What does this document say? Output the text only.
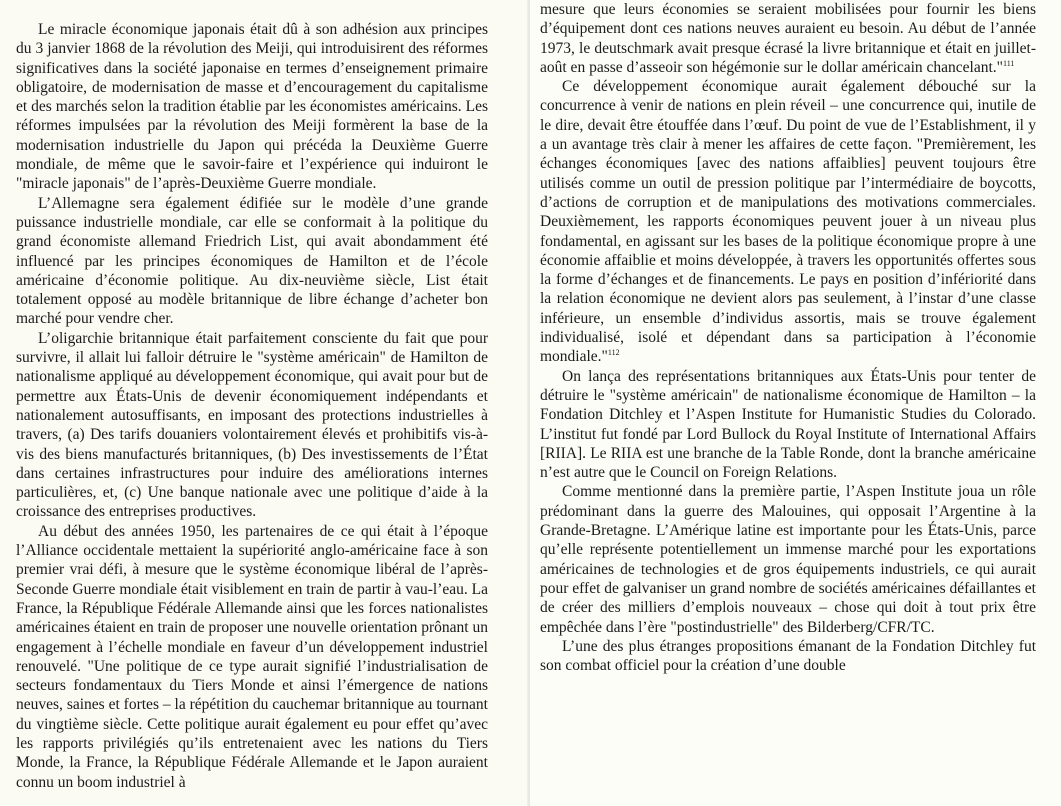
Le miracle économique japonais était dû à son adhésion aux principes du 3 janvier 1868 de la révolution des Meiji, qui introduisirent des réformes significatives dans la société japonaise en termes d’enseignement primaire obligatoire, de modernisation de masse et d’encouragement du capitalisme et des marchés selon la tradition établie par les économistes américains. Les réformes impulsées par la révolution des Meiji formèrent la base de la modernisation industrielle du Japon qui précéda la Deuxième Guerre mondiale, de même que le savoir-faire et l’expérience qui induiront le "miracle japonais" de l’après-Deuxième Guerre mondiale.

L’Allemagne sera également édifiée sur le modèle d’une grande puissance industrielle mondiale, car elle se conformait à la politique du grand économiste allemand Friedrich List, qui avait abondamment été influencé par les principes économiques de Hamilton et de l’école américaine d’économie politique. Au dix-neuvième siècle, List était totalement opposé au modèle britannique de libre échange d’acheter bon marché pour vendre cher.

L’oligarchie britannique était parfaitement consciente du fait que pour survivre, il allait lui falloir détruire le "système américain" de Hamilton de nationalisme appliqué au développement économique, qui avait pour but de permettre aux États-Unis de devenir économiquement indépendants et nationalement autosuffisants, en imposant des protections industrielles à travers, (a) Des tarifs douaniers volontairement élevés et prohibitifs vis-à-vis des biens manufacturés britanniques, (b) Des investissements de l’État dans certaines infrastructures pour induire des améliorations internes particulières, et, (c) Une banque nationale avec une politique d’aide à la croissance des entreprises productives.

Au début des années 1950, les partenaires de ce qui était à l’époque l’Alliance occidentale mettaient la supériorité anglo-américaine face à son premier vrai défi, à mesure que le système économique libéral de l’après-Seconde Guerre mondiale était visiblement en train de partir à vau-l’eau. La France, la République Fédérale Allemande ainsi que les forces nationalistes américaines étaient en train de proposer une nouvelle orientation prônant un engagement à l’échelle mondiale en faveur d’un développement industriel renouvelé. "Une politique de ce type aurait signifié l’industrialisation de secteurs fondamentaux du Tiers Monde et ainsi l’émergence de nations neuves, saines et fortes – la répétition du cauchemar britannique au tournant du vingtième siècle. Cette politique aurait également eu pour effet qu’avec les rapports privilégiés qu’ils entretenaient avec les nations du Tiers Monde, la France, la République Fédérale Allemande et le Japon auraient connu un boom industriel à

mesure que leurs économies se seraient mobilisées pour fournir les biens d’équipement dont ces nations neuves auraient eu besoin. Au début de l’année 1973, le deutschmark avait presque écrasé la livre britannique et était en juillet-août en passe d’asseoir son hégémonie sur le dollar américain chancelant."$^{111}$

Ce développement économique aurait également débouché sur la concurrence à venir de nations en plein réveil – une concurrence qui, inutile de le dire, devait être étouffée dans l’œuf. Du point de vue de l’Establishment, il y a un avantage très clair à mener les affaires de cette façon. "Premièrement, les échanges économiques [avec des nations affaiblies] peuvent toujours être utilisés comme un outil de pression politique par l’intermédiaire de boycotts, d’actions de corruption et de manipulations des motivations commerciales. Deuxièmement, les rapports économiques peuvent jouer à un niveau plus fondamental, en agissant sur les bases de la politique économique propre à une économie affaiblie et moins développée, à travers les opportunités offertes sous la forme d’échanges et de financements. Le pays en position d’infériorité dans la relation économique ne devient alors pas seulement, à l’instar d’une classe inférieure, un ensemble d’individus assortis, mais se trouve également individualisé, isolé et dépendant dans sa participation à l’économie mondiale."$^{112}$

On lança des représentations britanniques aux États-Unis pour tenter de détruire le "système américain" de nationalisme économique de Hamilton – la Fondation Ditchley et l’Aspen Institute for Humanistic Studies du Colorado. L’institut fut fondé par Lord Bullock du Royal Institute of International Affairs [RIIA]. Le RIIA est une branche de la Table Ronde, dont la branche américaine n’est autre que le Council on Foreign Relations.

Comme mentionné dans la première partie, l’Aspen Institute joua un rôle prédominant dans la guerre des Malouines, qui opposait l’Argentine à la Grande-Bretagne. L’Amérique latine est importante pour les États-Unis, parce qu’elle représente potentiellement un immense marché pour les exportations américaines de technologies et de gros équipements industriels, ce qui aurait pour effet de galvaniser un grand nombre de sociétés américaines défaillantes et de créer des milliers d’emplois nouveaux – chose qui doit à tout prix être empêchée dans l’ère "postindustrielle" des Bilderberg/CFR/TC.

L’une des plus étranges propositions émanant de la Fondation Ditchley fut son combat officiel pour la création d’une double
